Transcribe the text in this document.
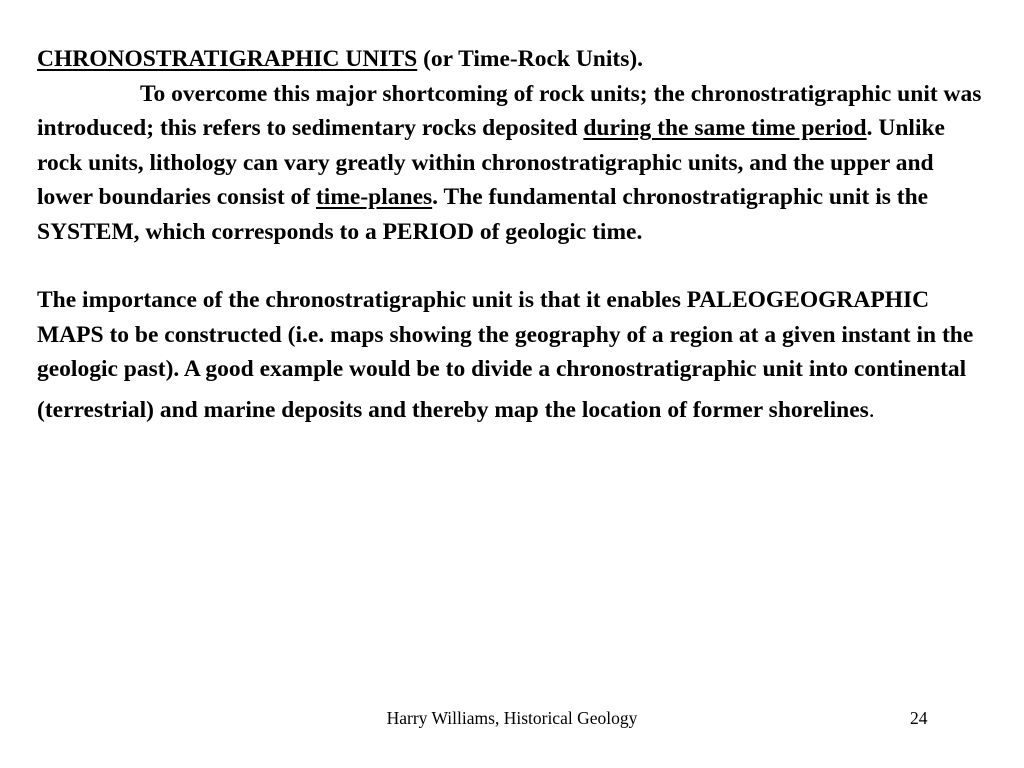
CHRONOSTRATIGRAPHIC UNITS (or Time-Rock Units).
To overcome this major shortcoming of rock units; the chronostratigraphic unit was introduced; this refers to sedimentary rocks deposited during the same time period. Unlike rock units, lithology can vary greatly within chronostratigraphic units, and the upper and lower boundaries consist of time-planes. The fundamental chronostratigraphic unit is the SYSTEM, which corresponds to a PERIOD of geologic time.

The importance of the chronostratigraphic unit is that it enables PALEOGEOGRAPHIC MAPS to be constructed (i.e. maps showing the geography of a region at a given instant in the geologic past). A good example would be to divide a chronostratigraphic unit into continental (terrestrial) and marine deposits and thereby map the location of former shorelines.

Harry Williams, Historical Geology	24
